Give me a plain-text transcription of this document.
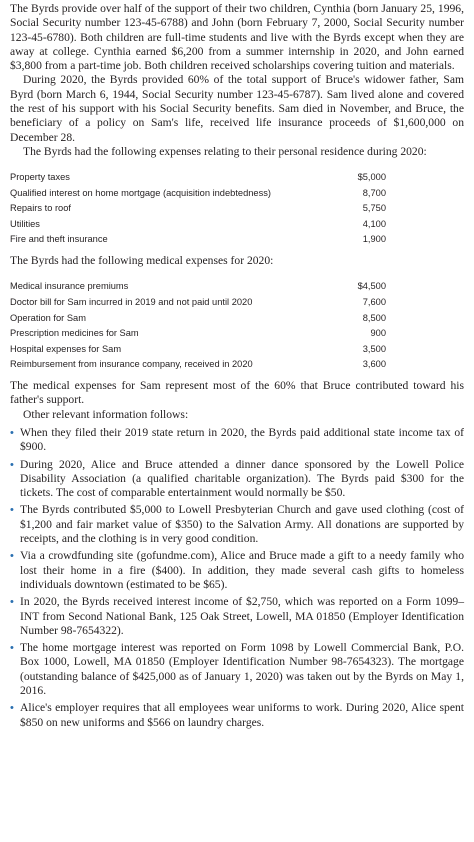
The Byrds provide over half of the support of their two children, Cynthia (born January 25, 1996, Social Security number 123-45-6788) and John (born February 7, 2000, Social Security number 123-45-6780). Both children are full-time students and live with the Byrds except when they are away at college. Cynthia earned $6,200 from a summer internship in 2020, and John earned $3,800 from a part-time job. Both children received scholarships covering tuition and materials.

During 2020, the Byrds provided 60% of the total support of Bruce's widower father, Sam Byrd (born March 6, 1944, Social Security number 123-45-6787). Sam lived alone and covered the rest of his support with his Social Security benefits. Sam died in November, and Bruce, the beneficiary of a policy on Sam's life, received life insurance proceeds of $1,600,000 on December 28.

The Byrds had the following expenses relating to their personal residence during 2020:

Property taxes	$5,000
Qualified interest on home mortgage (acquisition indebtedness)	8,700
Repairs to roof	5,750
Utilities	4,100
Fire and theft insurance	1,900

The Byrds had the following medical expenses for 2020:

Medical insurance premiums	$4,500
Doctor bill for Sam incurred in 2019 and not paid until 2020	7,600
Operation for Sam	8,500
Prescription medicines for Sam	900
Hospital expenses for Sam	3,500
Reimbursement from insurance company, received in 2020	3,600

The medical expenses for Sam represent most of the 60% that Bruce contributed toward his father's support.

Other relevant information follows:

• When they filed their 2019 state return in 2020, the Byrds paid additional state income tax of $900.

• During 2020, Alice and Bruce attended a dinner dance sponsored by the Lowell Police Disability Association (a qualified charitable organization). The Byrds paid $300 for the tickets. The cost of comparable entertainment would normally be $50.

• The Byrds contributed $5,000 to Lowell Presbyterian Church and gave used clothing (cost of $1,200 and fair market value of $350) to the Salvation Army. All donations are supported by receipts, and the clothing is in very good condition.

• Via a crowdfunding site (gofundme.com), Alice and Bruce made a gift to a needy family who lost their home in a fire ($400). In addition, they made several cash gifts to homeless individuals downtown (estimated to be $65).

• In 2020, the Byrds received interest income of $2,750, which was reported on a Form 1099–INT from Second National Bank, 125 Oak Street, Lowell, MA 01850 (Employer Identification Number 98-7654322).

• The home mortgage interest was reported on Form 1098 by Lowell Commercial Bank, P.O. Box 1000, Lowell, MA 01850 (Employer Identification Number 98-7654323). The mortgage (outstanding balance of $425,000 as of January 1, 2020) was taken out by the Byrds on May 1, 2016.

• Alice's employer requires that all employees wear uniforms to work. During 2020, Alice spent $850 on new uniforms and $566 on laundry charges.
